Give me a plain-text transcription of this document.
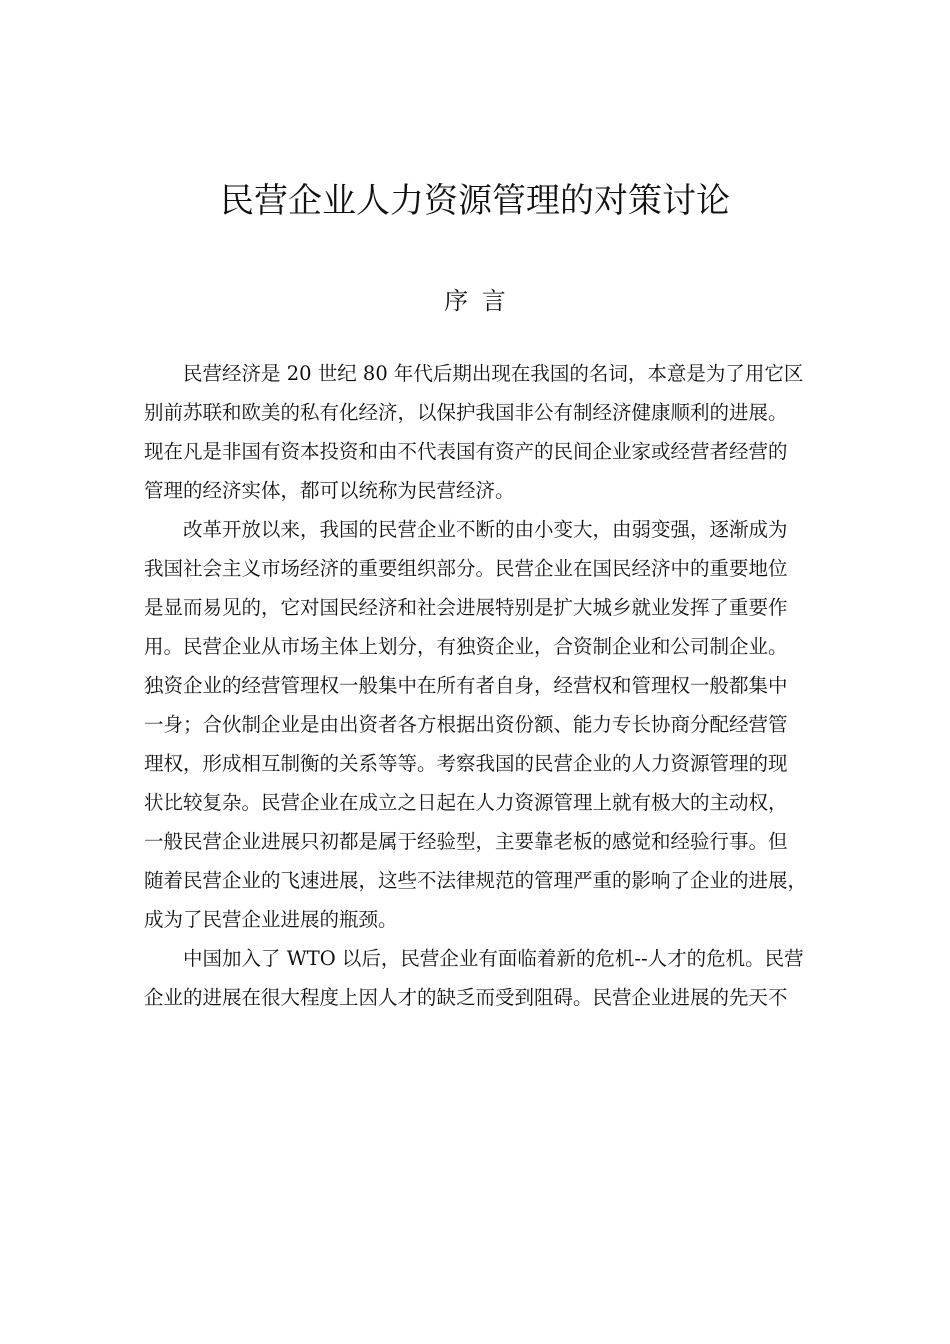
民营企业人力资源管理的对策讨论
序 言
民营经济是 20 世纪 80 年代后期出现在我国的名词，本意是为了用它区
别前苏联和欧美的私有化经济，以保护我国非公有制经济健康顺利的进展。
现在凡是非国有资本投资和由不代表国有资产的民间企业家或经营者经营的
管理的经济实体，都可以统称为民营经济。
改革开放以来，我国的民营企业不断的由小变大，由弱变强，逐渐成为
我国社会主义市场经济的重要组织部分。民营企业在国民经济中的重要地位
是显而易见的，它对国民经济和社会进展特别是扩大城乡就业发挥了重要作
用。民营企业从市场主体上划分，有独资企业，合资制企业和公司制企业。
独资企业的经营管理权一般集中在所有者自身，经营权和管理权一般都集中
一身；合伙制企业是由出资者各方根据出资份额、能力专长协商分配经营管
理权，形成相互制衡的关系等等。考察我国的民营企业的人力资源管理的现
状比较复杂。民营企业在成立之日起在人力资源管理上就有极大的主动权，
一般民营企业进展只初都是属于经验型，主要靠老板的感觉和经验行事。但
随着民营企业的飞速进展，这些不法律规范的管理严重的影响了企业的进展，
成为了民营企业进展的瓶颈。
中国加入了 WTO 以后，民营企业有面临着新的危机--人才的危机。民营
企业的进展在很大程度上因人才的缺乏而受到阻碍。民营企业进展的先天不
